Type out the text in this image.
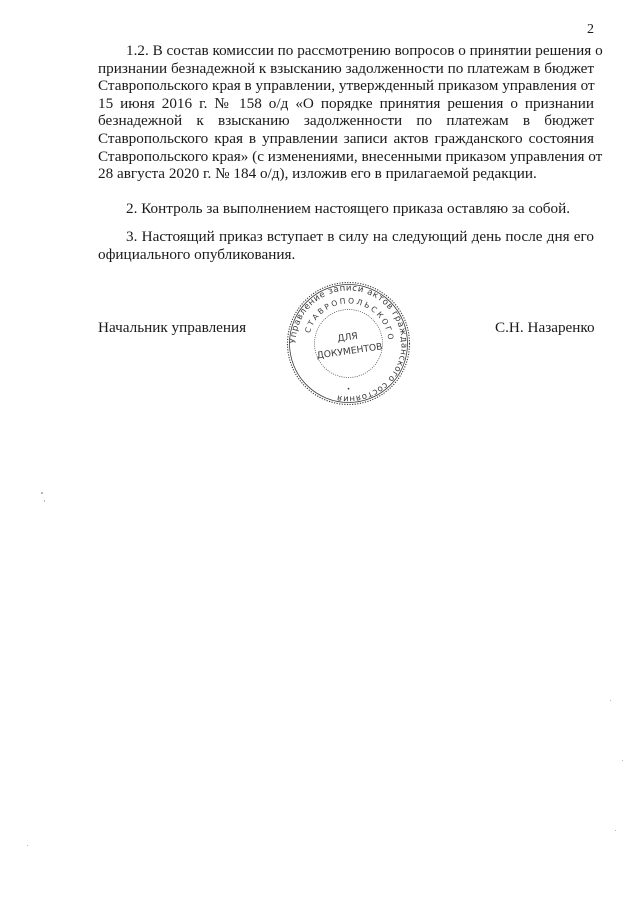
2
1.2. В состав комиссии по рассмотрению вопросов о принятии решения о
признании безнадежной к взысканию задолженности по платежам в бюджет
Ставропольского края в управлении, утвержденный приказом управления от
15 июня 2016 г. № 158 о/д «О порядке принятия решения о признании
безнадежной к взысканию задолженности по платежам в бюджет
Ставропольского края в управлении записи актов гражданского состояния
Ставропольского края» (с изменениями, внесенными приказом управления от
28 августа 2020 г. № 184 о/д), изложив его в прилагаемой редакции.
2. Контроль за выполнением настоящего приказа оставляю за собой.
3. Настоящий приказ вступает в силу на следующий день после дня его
официального опубликования.
Начальник управления
Управление записи актов гражданского состояния
СТАВРОПОЛЬСКОГО
ДЛЯ
ДОКУМЕНТОВ
•
С.Н. Назаренко
